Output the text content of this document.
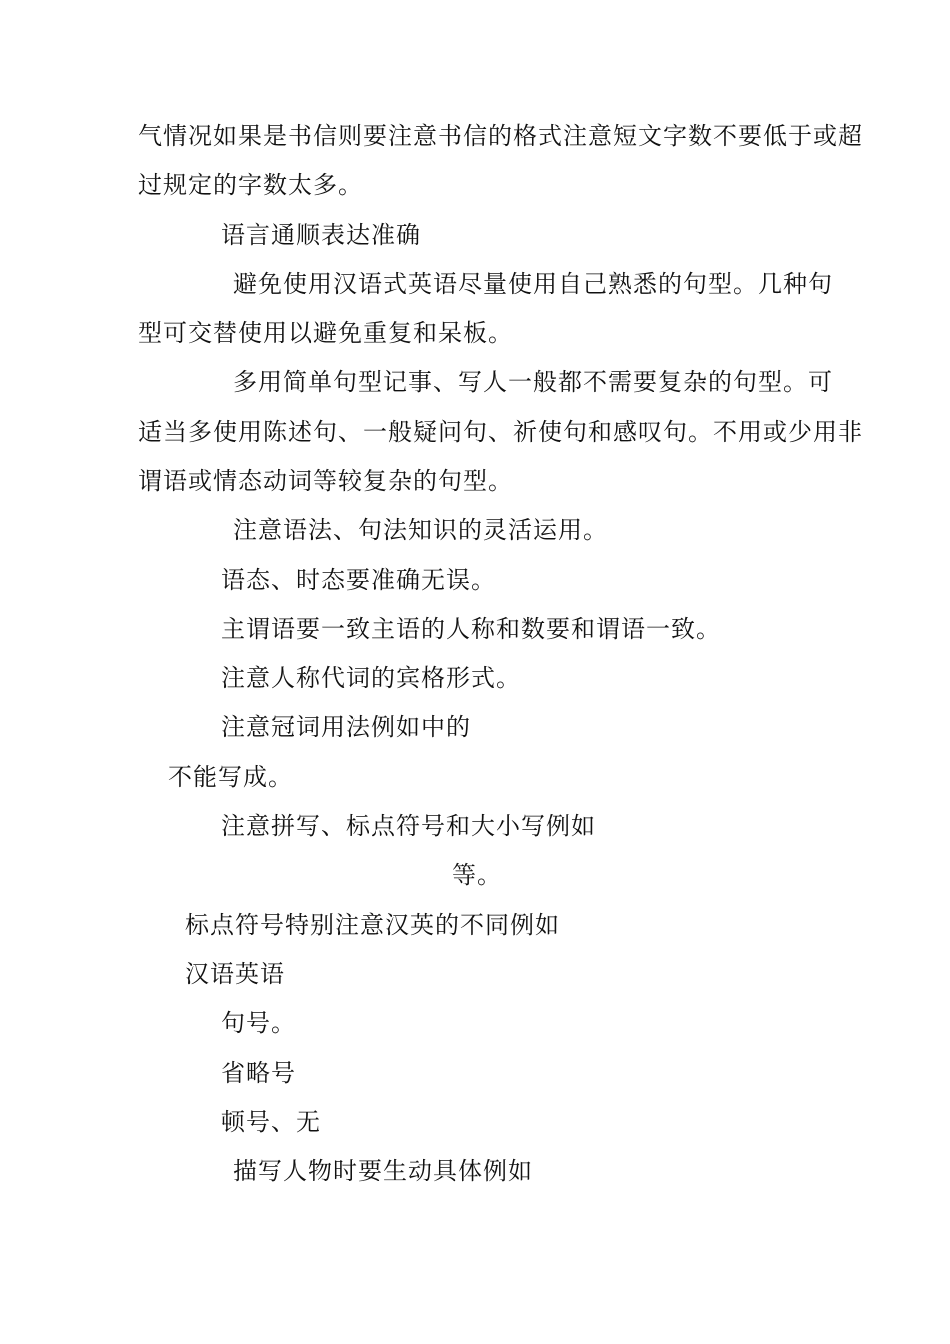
气情况如果是书信则要注意书信的格式注意短文字数不要低于或超
过规定的字数太多。
语言通顺表达准确
避免使用汉语式英语尽量使用自己熟悉的句型。几种句
型可交替使用以避免重复和呆板。
多用简单句型记事、写人一般都不需要复杂的句型。可
适当多使用陈述句、一般疑问句、祈使句和感叹句。不用或少用非
谓语或情态动词等较复杂的句型。
注意语法、句法知识的灵活运用。
语态、时态要准确无误。
主谓语要一致主语的人称和数要和谓语一致。
注意人称代词的宾格形式。
注意冠词用法例如中的
不能写成。
注意拼写、标点符号和大小写例如
等。
标点符号特别注意汉英的不同例如
汉语英语
句号。
省略号
顿号、无
描写人物时要生动具体例如
